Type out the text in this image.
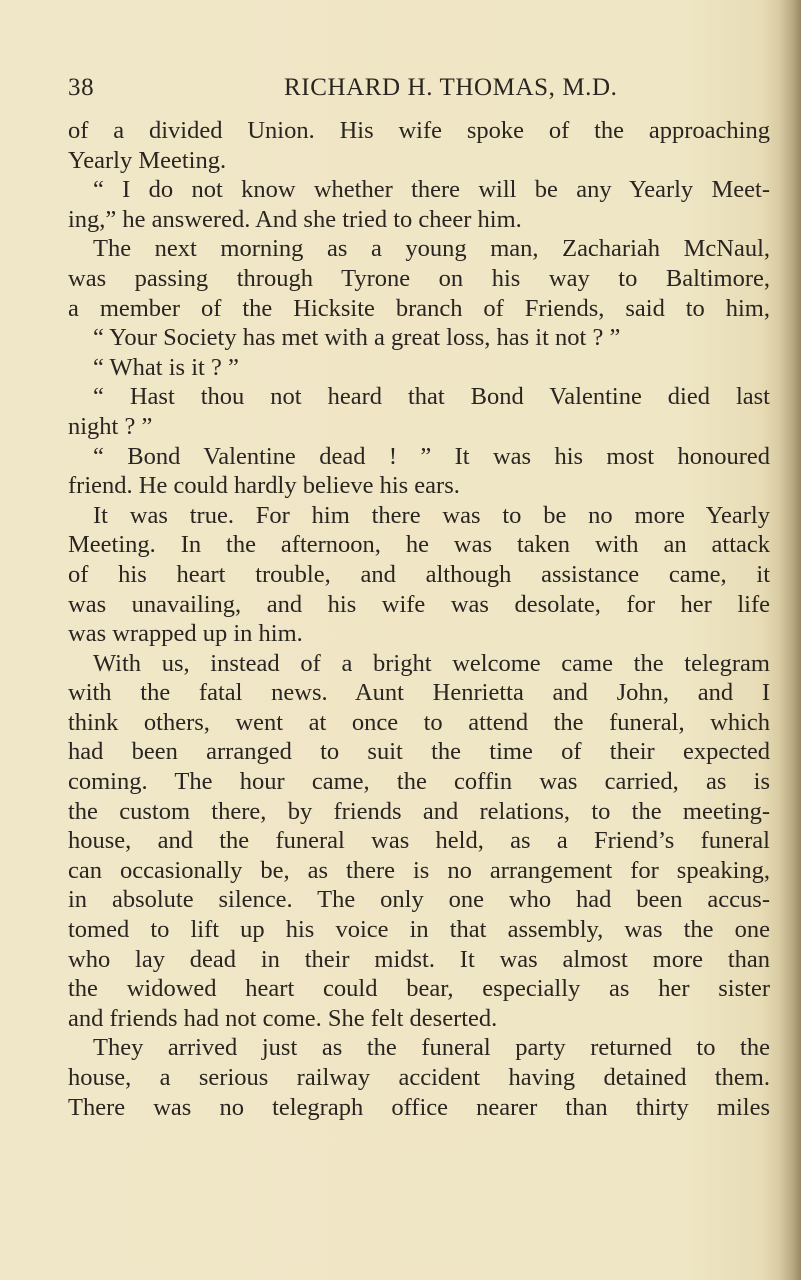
38	RICHARD H. THOMAS, M.D.
of a divided Union. His wife spoke of the approaching
Yearly Meeting.
“ I do not know whether there will be any Yearly Meet-
ing,” he answered. And she tried to cheer him.
The next morning as a young man, Zachariah McNaul,
was passing through Tyrone on his way to Baltimore,
a member of the Hicksite branch of Friends, said to him,
“ Your Society has met with a great loss, has it not ? ”
“ What is it ? ”
“ Hast thou not heard that Bond Valentine died last
night ? ”
“ Bond Valentine dead ! ” It was his most honoured
friend. He could hardly believe his ears.
It was true. For him there was to be no more Yearly
Meeting. In the afternoon, he was taken with an attack
of his heart trouble, and although assistance came, it
was unavailing, and his wife was desolate, for her life
was wrapped up in him.
With us, instead of a bright welcome came the telegram
with the fatal news. Aunt Henrietta and John, and I
think others, went at once to attend the funeral, which
had been arranged to suit the time of their expected
coming. The hour came, the coffin was carried, as is
the custom there, by friends and relations, to the meeting-
house, and the funeral was held, as a Friend’s funeral
can occasionally be, as there is no arrangement for speaking,
in absolute silence. The only one who had been accus-
tomed to lift up his voice in that assembly, was the one
who lay dead in their midst. It was almost more than
the widowed heart could bear, especially as her sister
and friends had not come. She felt deserted.
They arrived just as the funeral party returned to the
house, a serious railway accident having detained them.
There was no telegraph office nearer than thirty miles
